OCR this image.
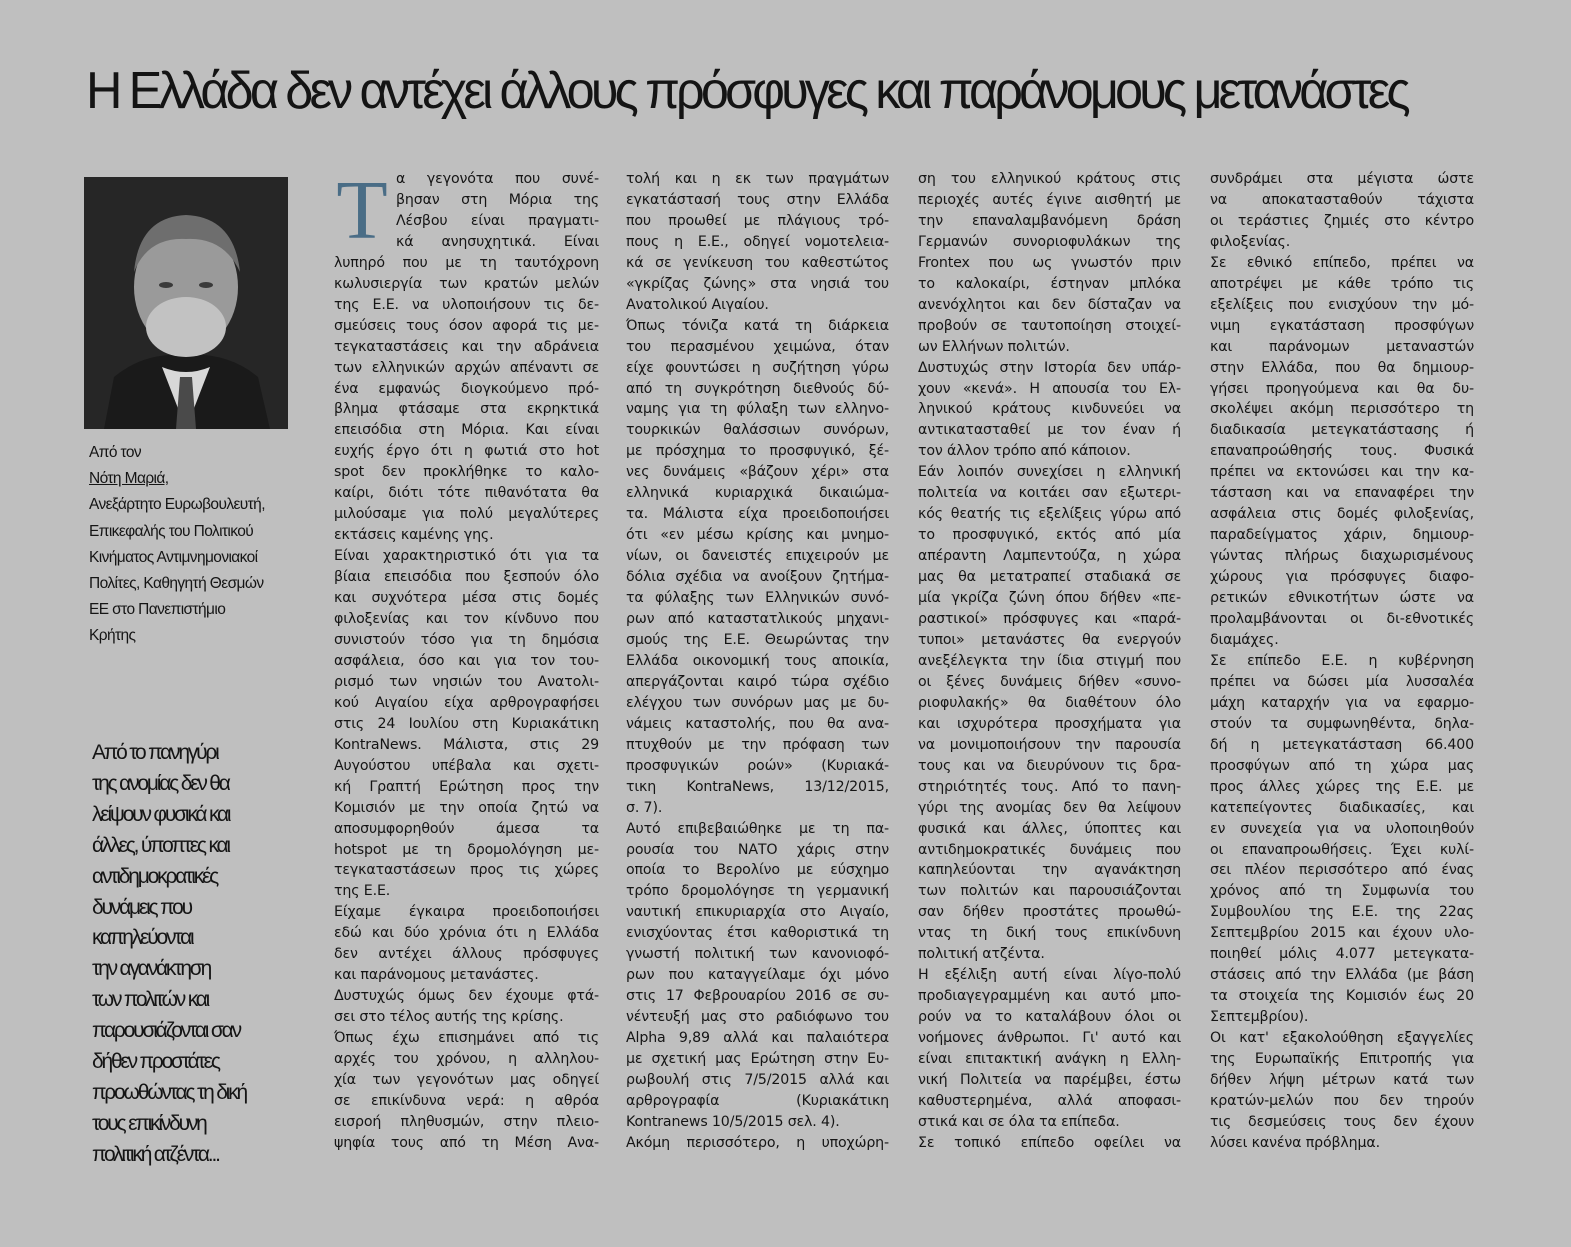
Η Ελλάδα δεν αντέχει άλλους πρόσφυγες και παράνομους μετανάστες
Από τον
Νότη Μαριά,
Ανεξάρτητο Ευρωβουλευτή,
Επικεφαλής του Πολιτικού
Κινήματος Αντιμνημονιακοί
Πολίτες, Καθηγητή Θεσμών
ΕΕ στο Πανεπιστήμιο
Κρήτης
Από το πανηγύρι
της ανομίας δεν θα
λείψουν φυσικά και
άλλες, ύποπτες και
αντιδημοκρατικές
δυνάμεις που
καπηλεύονται
την αγανάκτηση
των πολιτών και
παρουσιάζονται σαν
δήθεν προστάτες
προωθώντας τη δική
τους επικίνδυνη
πολιτική ατζέντα...
Τ α γεγονότα που συνέ-
βησαν στη Μόρια της
Λέσβου είναι πραγματι-
κά ανησυχητικά. Είναι
λυπηρό που με τη ταυτόχρονη
κωλυσιεργία των κρατών μελών
της Ε.Ε. να υλοποιήσουν τις δε-
σμεύσεις τους όσον αφορά τις με-
τεγκαταστάσεις και την αδράνεια
των ελληνικών αρχών απέναντι σε
ένα εμφανώς διογκούμενο πρό-
βλημα φτάσαμε στα εκρηκτικά
επεισόδια στη Μόρια. Και είναι
ευχής έργο ότι η φωτιά στο hot
spot δεν προκλήθηκε το καλο-
καίρι, διότι τότε πιθανότατα θα
μιλούσαμε για πολύ μεγαλύτερες
εκτάσεις καμένης γης.
Είναι χαρακτηριστικό ότι για τα
βίαια επεισόδια που ξεσπούν όλο
και συχνότερα μέσα στις δομές
φιλοξενίας και τον κίνδυνο που
συνιστούν τόσο για τη δημόσια
ασφάλεια, όσο και για τον του-
ρισμό των νησιών του Ανατολι-
κού Αιγαίου είχα αρθρογραφήσει
στις 24 Ιουλίου στη Κυριακάτικη
KontraNews. Μάλιστα, στις 29
Αυγούστου υπέβαλα και σχετι-
κή Γραπτή Ερώτηση προς την
Κομισιόν με την οποία ζητώ να
αποσυμφορηθούν άμεσα τα
hotspot με τη δρομολόγηση με-
τεγκαταστάσεων προς τις χώρες
της Ε.Ε.
Είχαμε έγκαιρα προειδοποιήσει
εδώ και δύο χρόνια ότι η Ελλάδα
δεν αντέχει άλλους πρόσφυγες
και παράνομους μετανάστες.
Δυστυχώς όμως δεν έχουμε φτά-
σει στο τέλος αυτής της κρίσης.
Όπως έχω επισημάνει από τις
αρχές του χρόνου, η αλληλου-
χία των γεγονότων μας οδηγεί
σε επικίνδυνα νερά: η αθρόα
εισροή πληθυσμών, στην πλειο-
ψηφία τους από τη Μέση Ανα-
τολή και η εκ των πραγμάτων
εγκατάστασή τους στην Ελλάδα
που προωθεί με πλάγιους τρό-
πους η Ε.Ε., οδηγεί νομοτελεια-
κά σε γενίκευση του καθεστώτος
«γκρίζας ζώνης» στα νησιά του
Ανατολικού Αιγαίου.
Όπως τόνιζα κατά τη διάρκεια
του περασμένου χειμώνα, όταν
είχε φουντώσει η συζήτηση γύρω
από τη συγκρότηση διεθνούς δύ-
ναμης για τη φύλαξη των ελληνο-
τουρκικών θαλάσσιων συνόρων,
με πρόσχημα το προσφυγικό, ξέ-
νες δυνάμεις «βάζουν χέρι» στα
ελληνικά κυριαρχικά δικαιώμα-
τα. Μάλιστα είχα προειδοποιήσει
ότι «εν μέσω κρίσης και μνημο-
νίων, οι δανειστές επιχειρούν με
δόλια σχέδια να ανοίξουν ζητήμα-
τα φύλαξης των Ελληνικών συνό-
ρων από καταστατλικούς μηχανι-
σμούς της Ε.Ε. Θεωρώντας την
Ελλάδα οικονομική τους αποικία,
απεργάζονται καιρό τώρα σχέδιο
ελέγχου των συνόρων μας με δυ-
νάμεις καταστολής, που θα ανα-
πτυχθούν με την πρόφαση των
προσφυγικών ροών» (Κυριακά-
τικη KontraNews, 13/12/2015,
σ. 7).
Αυτό επιβεβαιώθηκε με τη πα-
ρουσία του ΝΑΤΟ χάρις στην
οποία το Βερολίνο με εύσχημο
τρόπο δρομολόγησε τη γερμανική
ναυτική επικυριαρχία στο Αιγαίο,
ενισχύοντας έτσι καθοριστικά τη
γνωστή πολιτική των κανονιοφό-
ρων που καταγγείλαμε όχι μόνο
στις 17 Φεβρουαρίου 2016 σε συ-
νέντευξή μας στο ραδιόφωνο του
Alpha 9,89 αλλά και παλαιότερα
με σχετική μας Ερώτηση στην Ευ-
ρωβουλή στις 7/5/2015 αλλά και
αρθρογραφία (Κυριακάτικη
Kontranews 10/5/2015 σελ. 4).
Ακόμη περισσότερο, η υποχώρη-
ση του ελληνικού κράτους στις
περιοχές αυτές έγινε αισθητή με
την επαναλαμβανόμενη δράση
Γερμανών συνοριοφυλάκων της
Frontex που ως γνωστόν πριν
το καλοκαίρι, έστηναν μπλόκα
ανενόχλητοι και δεν δίσταζαν να
προβούν σε ταυτοποίηση στοιχεί-
ων Ελλήνων πολιτών.
Δυστυχώς στην Ιστορία δεν υπάρ-
χουν «κενά». Η απουσία του Ελ-
ληνικού κράτους κινδυνεύει να
αντικατασταθεί με τον έναν ή
τον άλλον τρόπο από κάποιον.
Εάν λοιπόν συνεχίσει η ελληνική
πολιτεία να κοιτάει σαν εξωτερι-
κός θεατής τις εξελίξεις γύρω από
το προσφυγικό, εκτός από μία
απέραντη Λαμπεντούζα, η χώρα
μας θα μετατραπεί σταδιακά σε
μία γκρίζα ζώνη όπου δήθεν «πε-
ραστικοί» πρόσφυγες και «παρά-
τυποι» μετανάστες θα ενεργούν
ανεξέλεγκτα την ίδια στιγμή που
οι ξένες δυνάμεις δήθεν «συνο-
ριοφυλακής» θα διαθέτουν όλο
και ισχυρότερα προσχήματα για
να μονιμοποιήσουν την παρουσία
τους και να διευρύνουν τις δρα-
στηριότητές τους. Από το πανη-
γύρι της ανομίας δεν θα λείψουν
φυσικά και άλλες, ύποπτες και
αντιδημοκρατικές δυνάμεις που
καπηλεύονται την αγανάκτηση
των πολιτών και παρουσιάζονται
σαν δήθεν προστάτες προωθώ-
ντας τη δική τους επικίνδυνη
πολιτική ατζέντα.
Η εξέλιξη αυτή είναι λίγο-πολύ
προδιαγεγραμμένη και αυτό μπο-
ρούν να το καταλάβουν όλοι οι
νοήμονες άνθρωποι. Γι' αυτό και
είναι επιτακτική ανάγκη η Ελλη-
νική Πολιτεία να παρέμβει, έστω
καθυστερημένα, αλλά αποφασι-
στικά και σε όλα τα επίπεδα.
Σε τοπικό επίπεδο οφείλει να
συνδράμει στα μέγιστα ώστε
να αποκατασταθούν τάχιστα
οι τεράστιες ζημιές στο κέντρο
φιλοξενίας.
Σε εθνικό επίπεδο, πρέπει να
αποτρέψει με κάθε τρόπο τις
εξελίξεις που ενισχύουν την μό-
νιμη εγκατάσταση προσφύγων
και παράνομων μεταναστών
στην Ελλάδα, που θα δημιουρ-
γήσει προηγούμενα και θα δυ-
σκολέψει ακόμη περισσότερο τη
διαδικασία μετεγκατάστασης ή
επαναπροώθησής τους. Φυσικά
πρέπει να εκτονώσει και την κα-
τάσταση και να επαναφέρει την
ασφάλεια στις δομές φιλοξενίας,
παραδείγματος χάριν, δημιουρ-
γώντας πλήρως διαχωρισμένους
χώρους για πρόσφυγες διαφο-
ρετικών εθνικοτήτων ώστε να
προλαμβάνονται οι δι-εθνοτικές
διαμάχες.
Σε επίπεδο Ε.Ε. η κυβέρνηση
πρέπει να δώσει μία λυσσαλέα
μάχη καταρχήν για να εφαρμο-
στούν τα συμφωνηθέντα, δηλα-
δή η μετεγκατάσταση 66.400
προσφύγων από τη χώρα μας
προς άλλες χώρες της Ε.Ε. με
κατεπείγοντες διαδικασίες, και
εν συνεχεία για να υλοποιηθούν
οι επαναπροωθήσεις. Έχει κυλί-
σει πλέον περισσότερο από ένας
χρόνος από τη Συμφωνία του
Συμβουλίου της Ε.Ε. της 22ας
Σεπτεμβρίου 2015 και έχουν υλο-
ποιηθεί μόλις 4.077 μετεγκατα-
στάσεις από την Ελλάδα (με βάση
τα στοιχεία της Κομισιόν έως 20
Σεπτεμβρίου).
Οι κατ' εξακολούθηση εξαγγελίες
της Ευρωπαϊκής Επιτροπής για
δήθεν λήψη μέτρων κατά των
κρατών-μελών που δεν τηρούν
τις δεσμεύσεις τους δεν έχουν
λύσει κανένα πρόβλημα.
